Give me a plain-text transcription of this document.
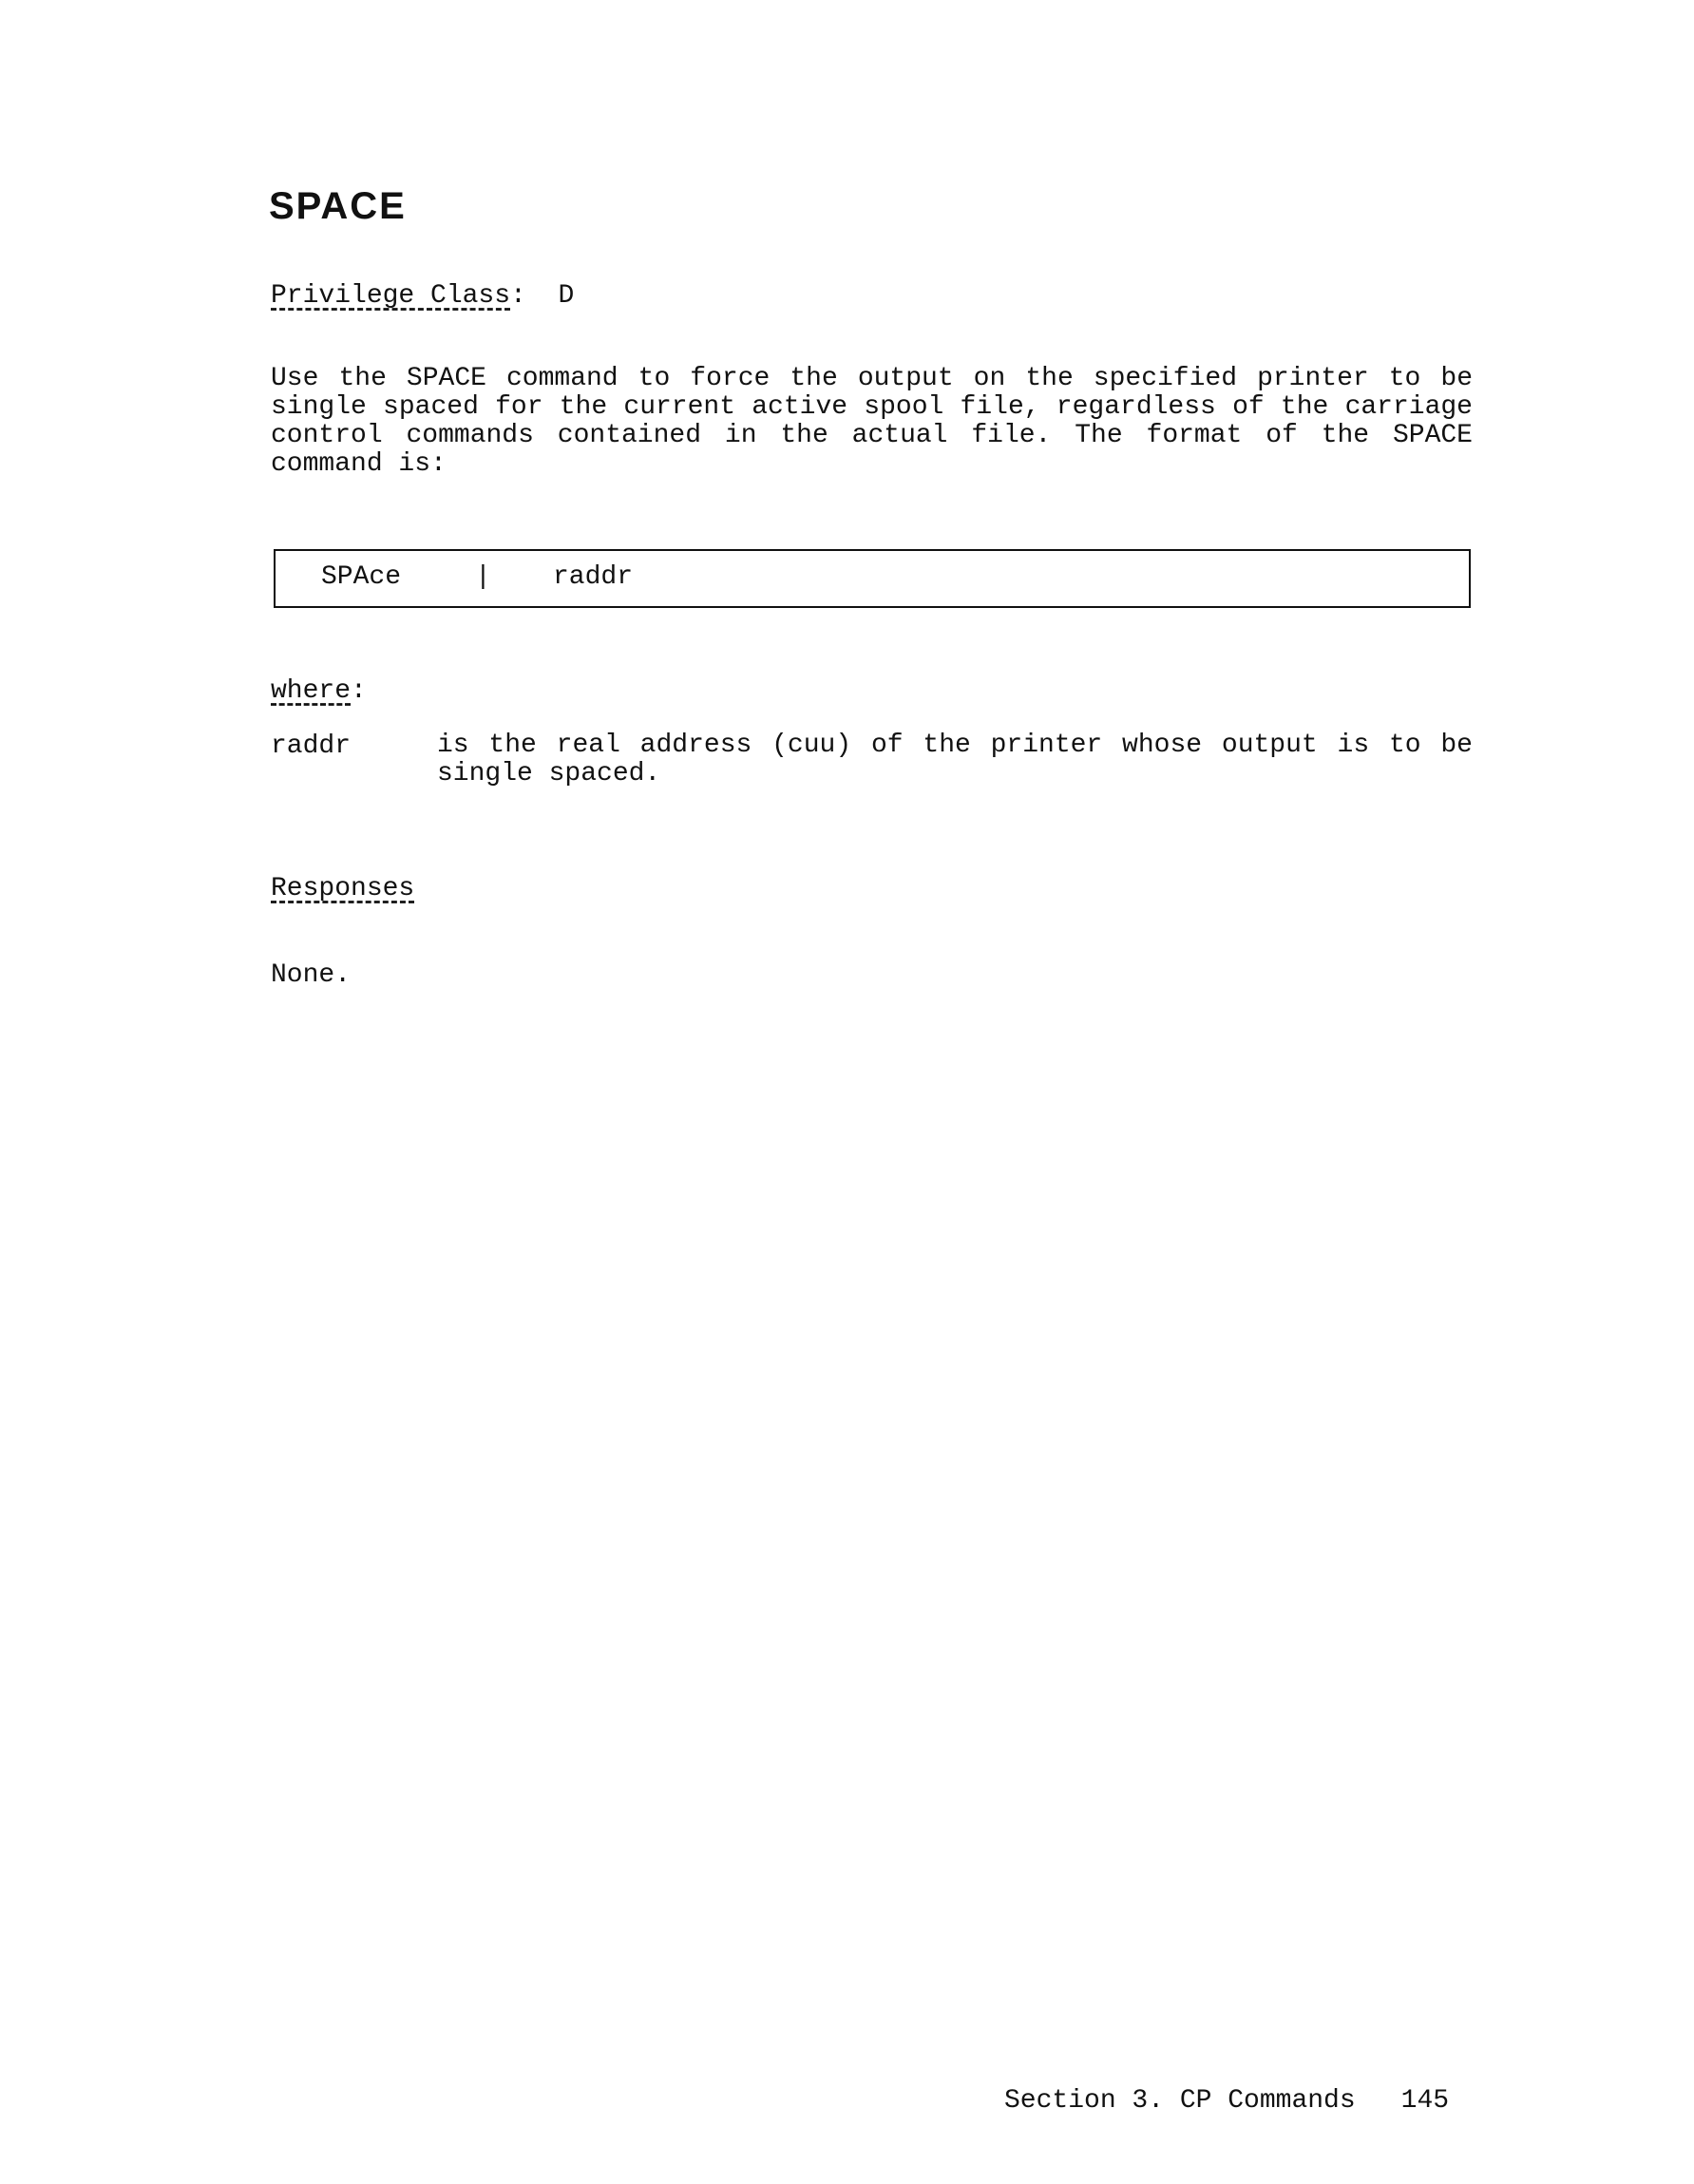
SPACE
Privilege Class: D
Use the SPACE command to force the output on the specified printer to be single spaced for the current active spool file, regardless of the carriage control commands contained in the actual file. The format of the SPACE command is:
SPAce	| raddr
where:
raddr	is the real address (cuu) of the printer whose output is to be single spaced.
Responses
None.
Section 3. CP Commands 145
